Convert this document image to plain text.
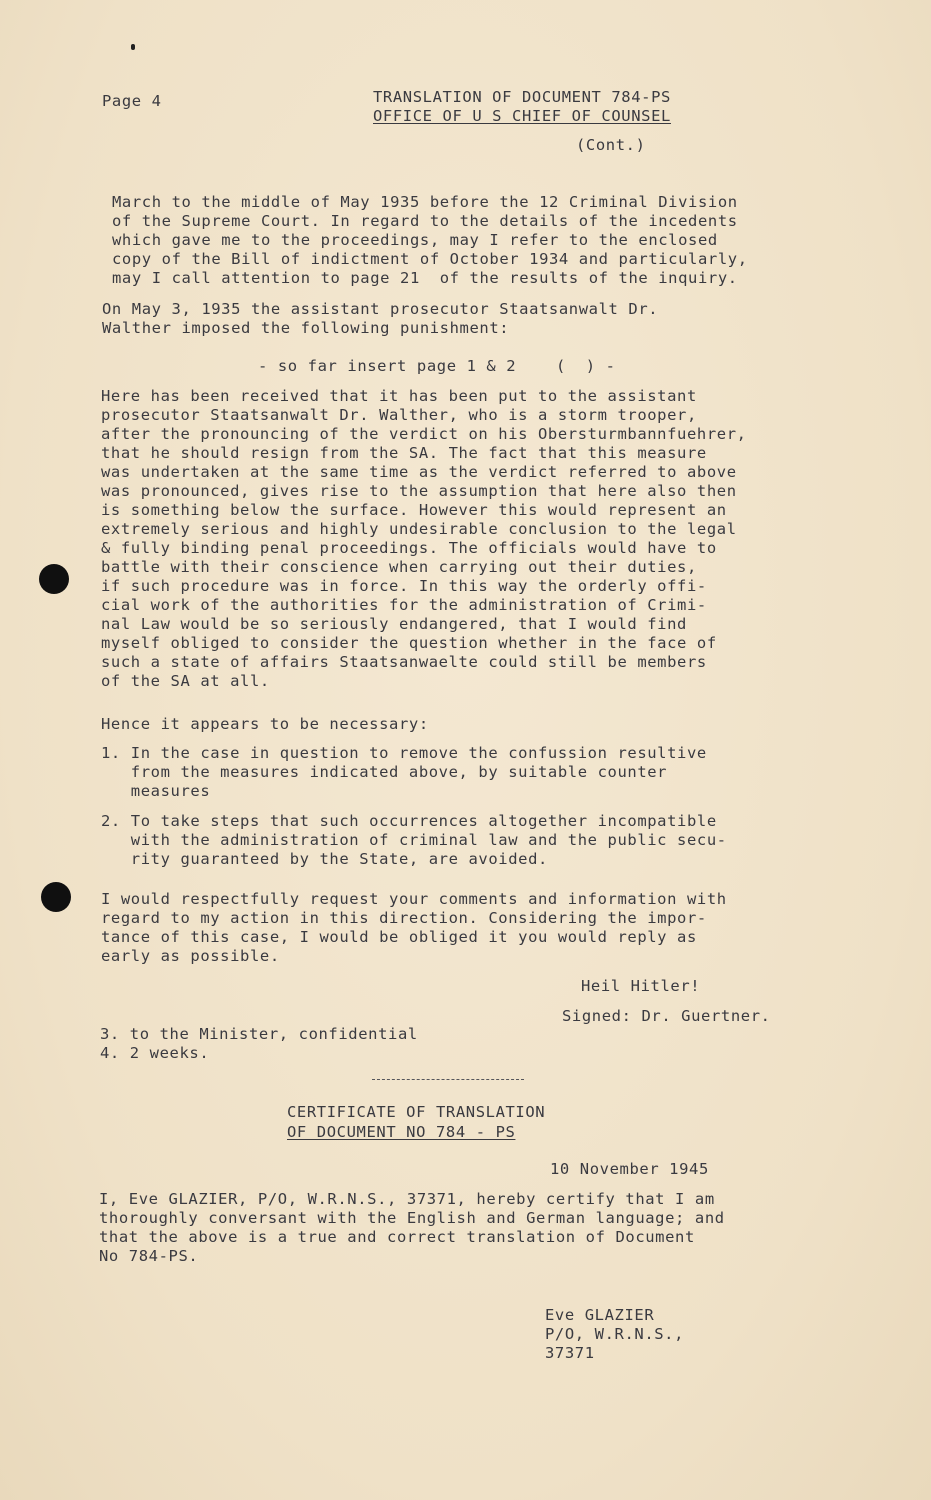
Page 4	TRANSLATION OF DOCUMENT 784-PS
OFFICE OF U S CHIEF OF COUNSEL
(Cont.)
March to the middle of May 1935 before the 12 Criminal Division
of the Supreme Court. In regard to the details of the incedents
which gave me to the proceedings, may I refer to the enclosed
copy of the Bill of indictment of October 1934 and particularly,
may I call attention to page 21  of the results of the inquiry.
On May 3, 1935 the assistant prosecutor Staatsanwalt Dr.
Walther imposed the following punishment:
- so far insert page 1 & 2    (  ) -
Here has been received that it has been put to the assistant
prosecutor Staatsanwalt Dr. Walther, who is a storm trooper,
after the pronouncing of the verdict on his Obersturmbannfuehrer,
that he should resign from the SA. The fact that this measure
was undertaken at the same time as the verdict referred to above
was pronounced, gives rise to the assumption that here also then
is something below the surface. However this would represent an
extremely serious and highly undesirable conclusion to the legal
& fully binding penal proceedings. The officials would have to
battle with their conscience when carrying out their duties,
if such procedure was in force. In this way the orderly offi-
cial work of the authorities for the administration of Crimi-
nal Law would be so seriously endangered, that I would find
myself obliged to consider the question whether in the face of
such a state of affairs Staatsanwaelte could still be members
of the SA at all.
Hence it appears to be necessary:
1. In the case in question to remove the confussion resultive
from the measures indicated above, by suitable counter
measures
2. To take steps that such occurrences altogether incompatible
with the administration of criminal law and the public secu-
rity guaranteed by the State, are avoided.
I would respectfully request your comments and information with
regard to my action in this direction. Considering the impor-
tance of this case, I would be obliged it you would reply as
early as possible.
Heil Hitler!
Signed: Dr. Guertner.
3. to the Minister, confidential
4. 2 weeks.
CERTIFICATE OF TRANSLATION
OF DOCUMENT NO 784 - PS
10 November 1945
I, Eve GLAZIER, P/O, W.R.N.S., 37371, hereby certify that I am
thoroughly conversant with the English and German language; and
that the above is a true and correct translation of Document
No 784-PS.
Eve GLAZIER
P/O, W.R.N.S.,
37371
